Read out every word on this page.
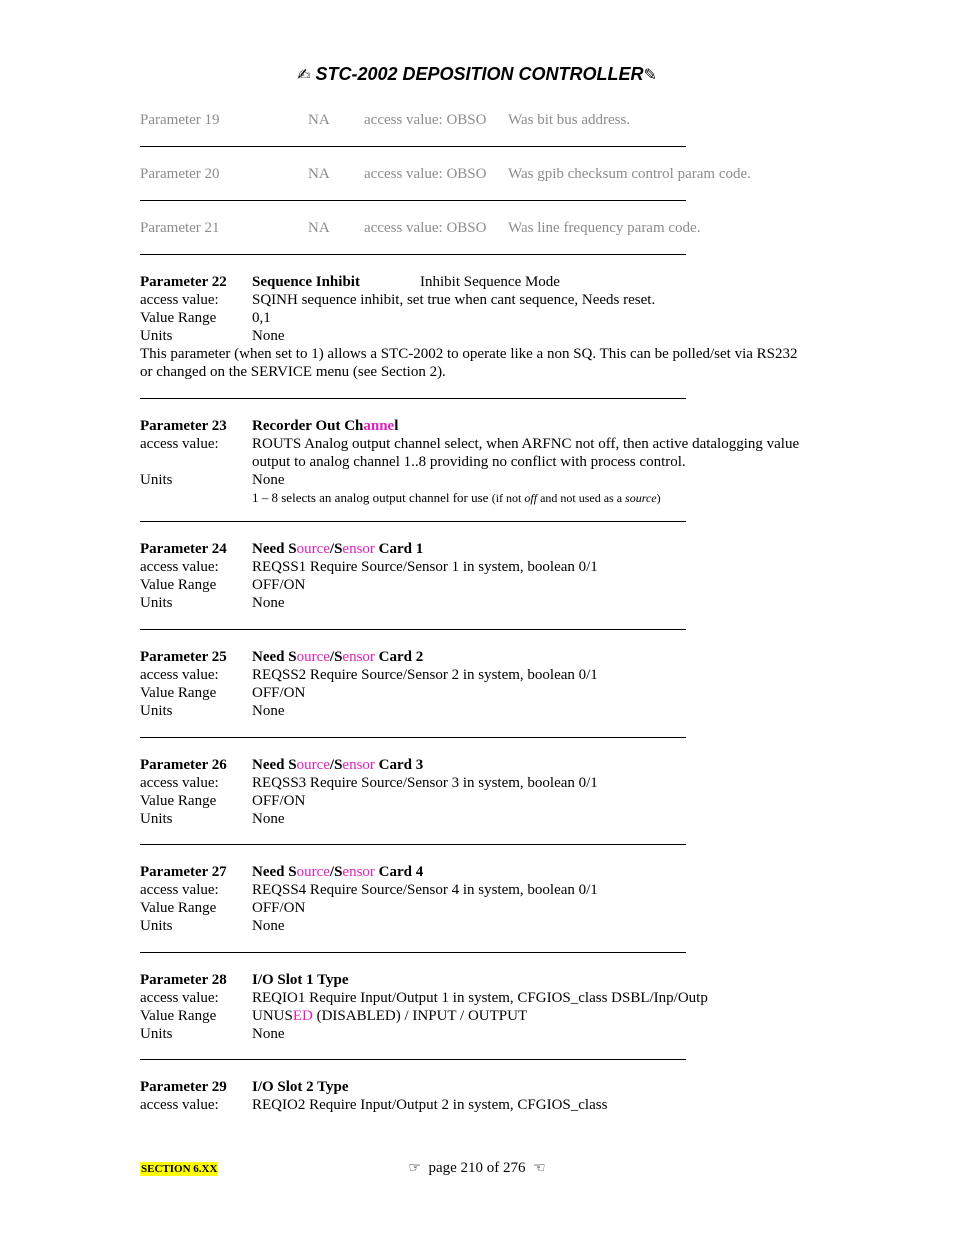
✍ STC-2002 DEPOSITION CONTROLLER✎
Parameter 19	NA access value: OBSO Was bit bus address.
Parameter 20	NA access value: OBSO Was gpib checksum control param code.
Parameter 21	NA access value: OBSO Was line frequency param code.
Parameter 22 Sequence Inhibit	Inhibit Sequence Mode
access value: SQINH sequence inhibit, set true when cant sequence, Needs reset.
Value Range 0,1
Units	None
This parameter (when set to 1) allows a STC-2002 to operate like a non SQ. This can be polled/set via RS232 or changed on the SERVICE menu (see Section 2).
Parameter 23 Recorder Out Channel
access value: ROUTS Analog output channel select, when ARFNC not off, then active datalogging value output to analog channel 1..8 providing no conflict with process control.
Units	None
1 – 8 selects an analog output channel for use (if not off and not used as a source)
Parameter 24 Need Source/Sensor Card 1
access value: REQSS1 Require Source/Sensor 1 in system, boolean 0/1
Value Range OFF/ON
Units	None
Parameter 25 Need Source/Sensor Card 2
access value: REQSS2 Require Source/Sensor 2 in system, boolean 0/1
Value Range OFF/ON
Units	None
Parameter 26 Need Source/Sensor Card 3
access value: REQSS3 Require Source/Sensor 3 in system, boolean 0/1
Value Range OFF/ON
Units	None
Parameter 27 Need Source/Sensor Card 4
access value: REQSS4 Require Source/Sensor 4 in system, boolean 0/1
Value Range OFF/ON
Units	None
Parameter 28 I/O Slot 1 Type
access value: REQIO1 Require Input/Output 1 in system, CFGIOS_class DSBL/Inp/Outp
Value Range UNUSED (DISABLED) / INPUT / OUTPUT
Units	None
Parameter 29 I/O Slot 2 Type
access value: REQIO2 Require Input/Output 2 in system, CFGIOS_class
SECTION 6.XX	☞ page 210 of 276 ☜
